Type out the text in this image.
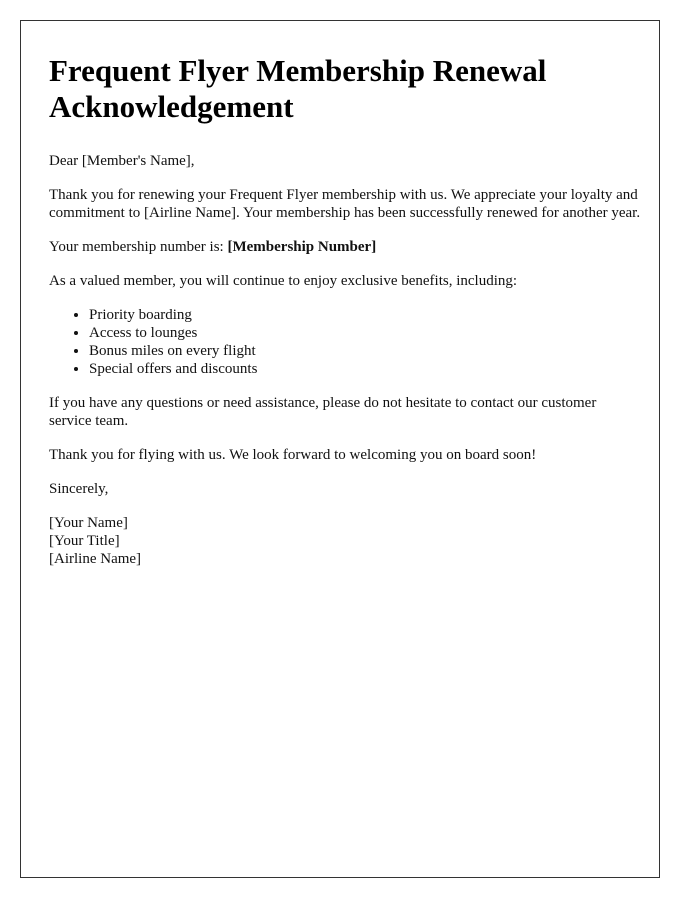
Frequent Flyer Membership Renewal Acknowledgement

Dear [Member's Name],

Thank you for renewing your Frequent Flyer membership with us. We appreciate your loyalty and commitment to [Airline Name]. Your membership has been successfully renewed for another year.

Your membership number is: [Membership Number]

As a valued member, you will continue to enjoy exclusive benefits, including:

• Priority boarding
• Access to lounges
• Bonus miles on every flight
• Special offers and discounts

If you have any questions or need assistance, please do not hesitate to contact our customer service team.

Thank you for flying with us. We look forward to welcoming you on board soon!

Sincerely,

[Your Name]
[Your Title]
[Airline Name]
